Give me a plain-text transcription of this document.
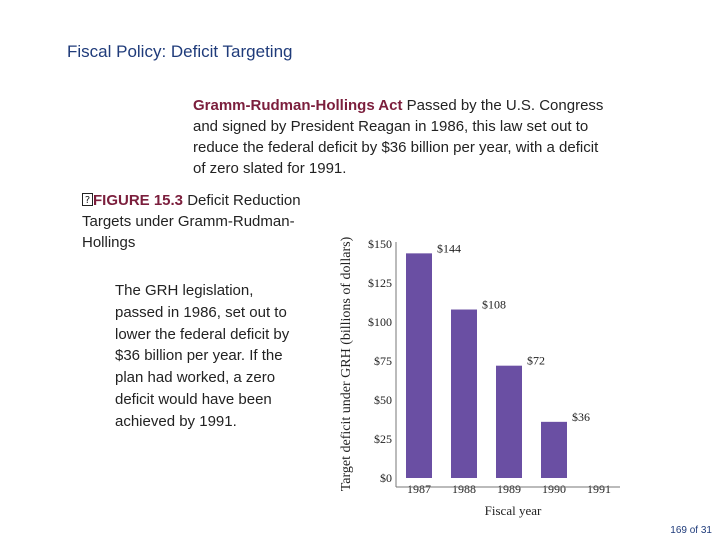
Fiscal Policy: Deficit Targeting
Gramm-Rudman-Hollings Act Passed by the U.S. Congress and signed by President Reagan in 1986, this law set out to reduce the federal deficit by $36 billion per year, with a deficit of zero slated for 1991.
? FIGURE 15.3 Deficit Reduction Targets under Gramm-Rudman-Hollings
The GRH legislation, passed in 1986, set out to lower the federal deficit by $36 billion per year. If the plan had worked, a zero deficit would have been achieved by 1991.
$0
$25
$50
$75
$100
$125
$150	$144
$108
$72
$36
1987 1988 1989 1990 1991
Target deficit under GRH (billions of dollars)
Fiscal year
169 of 31
